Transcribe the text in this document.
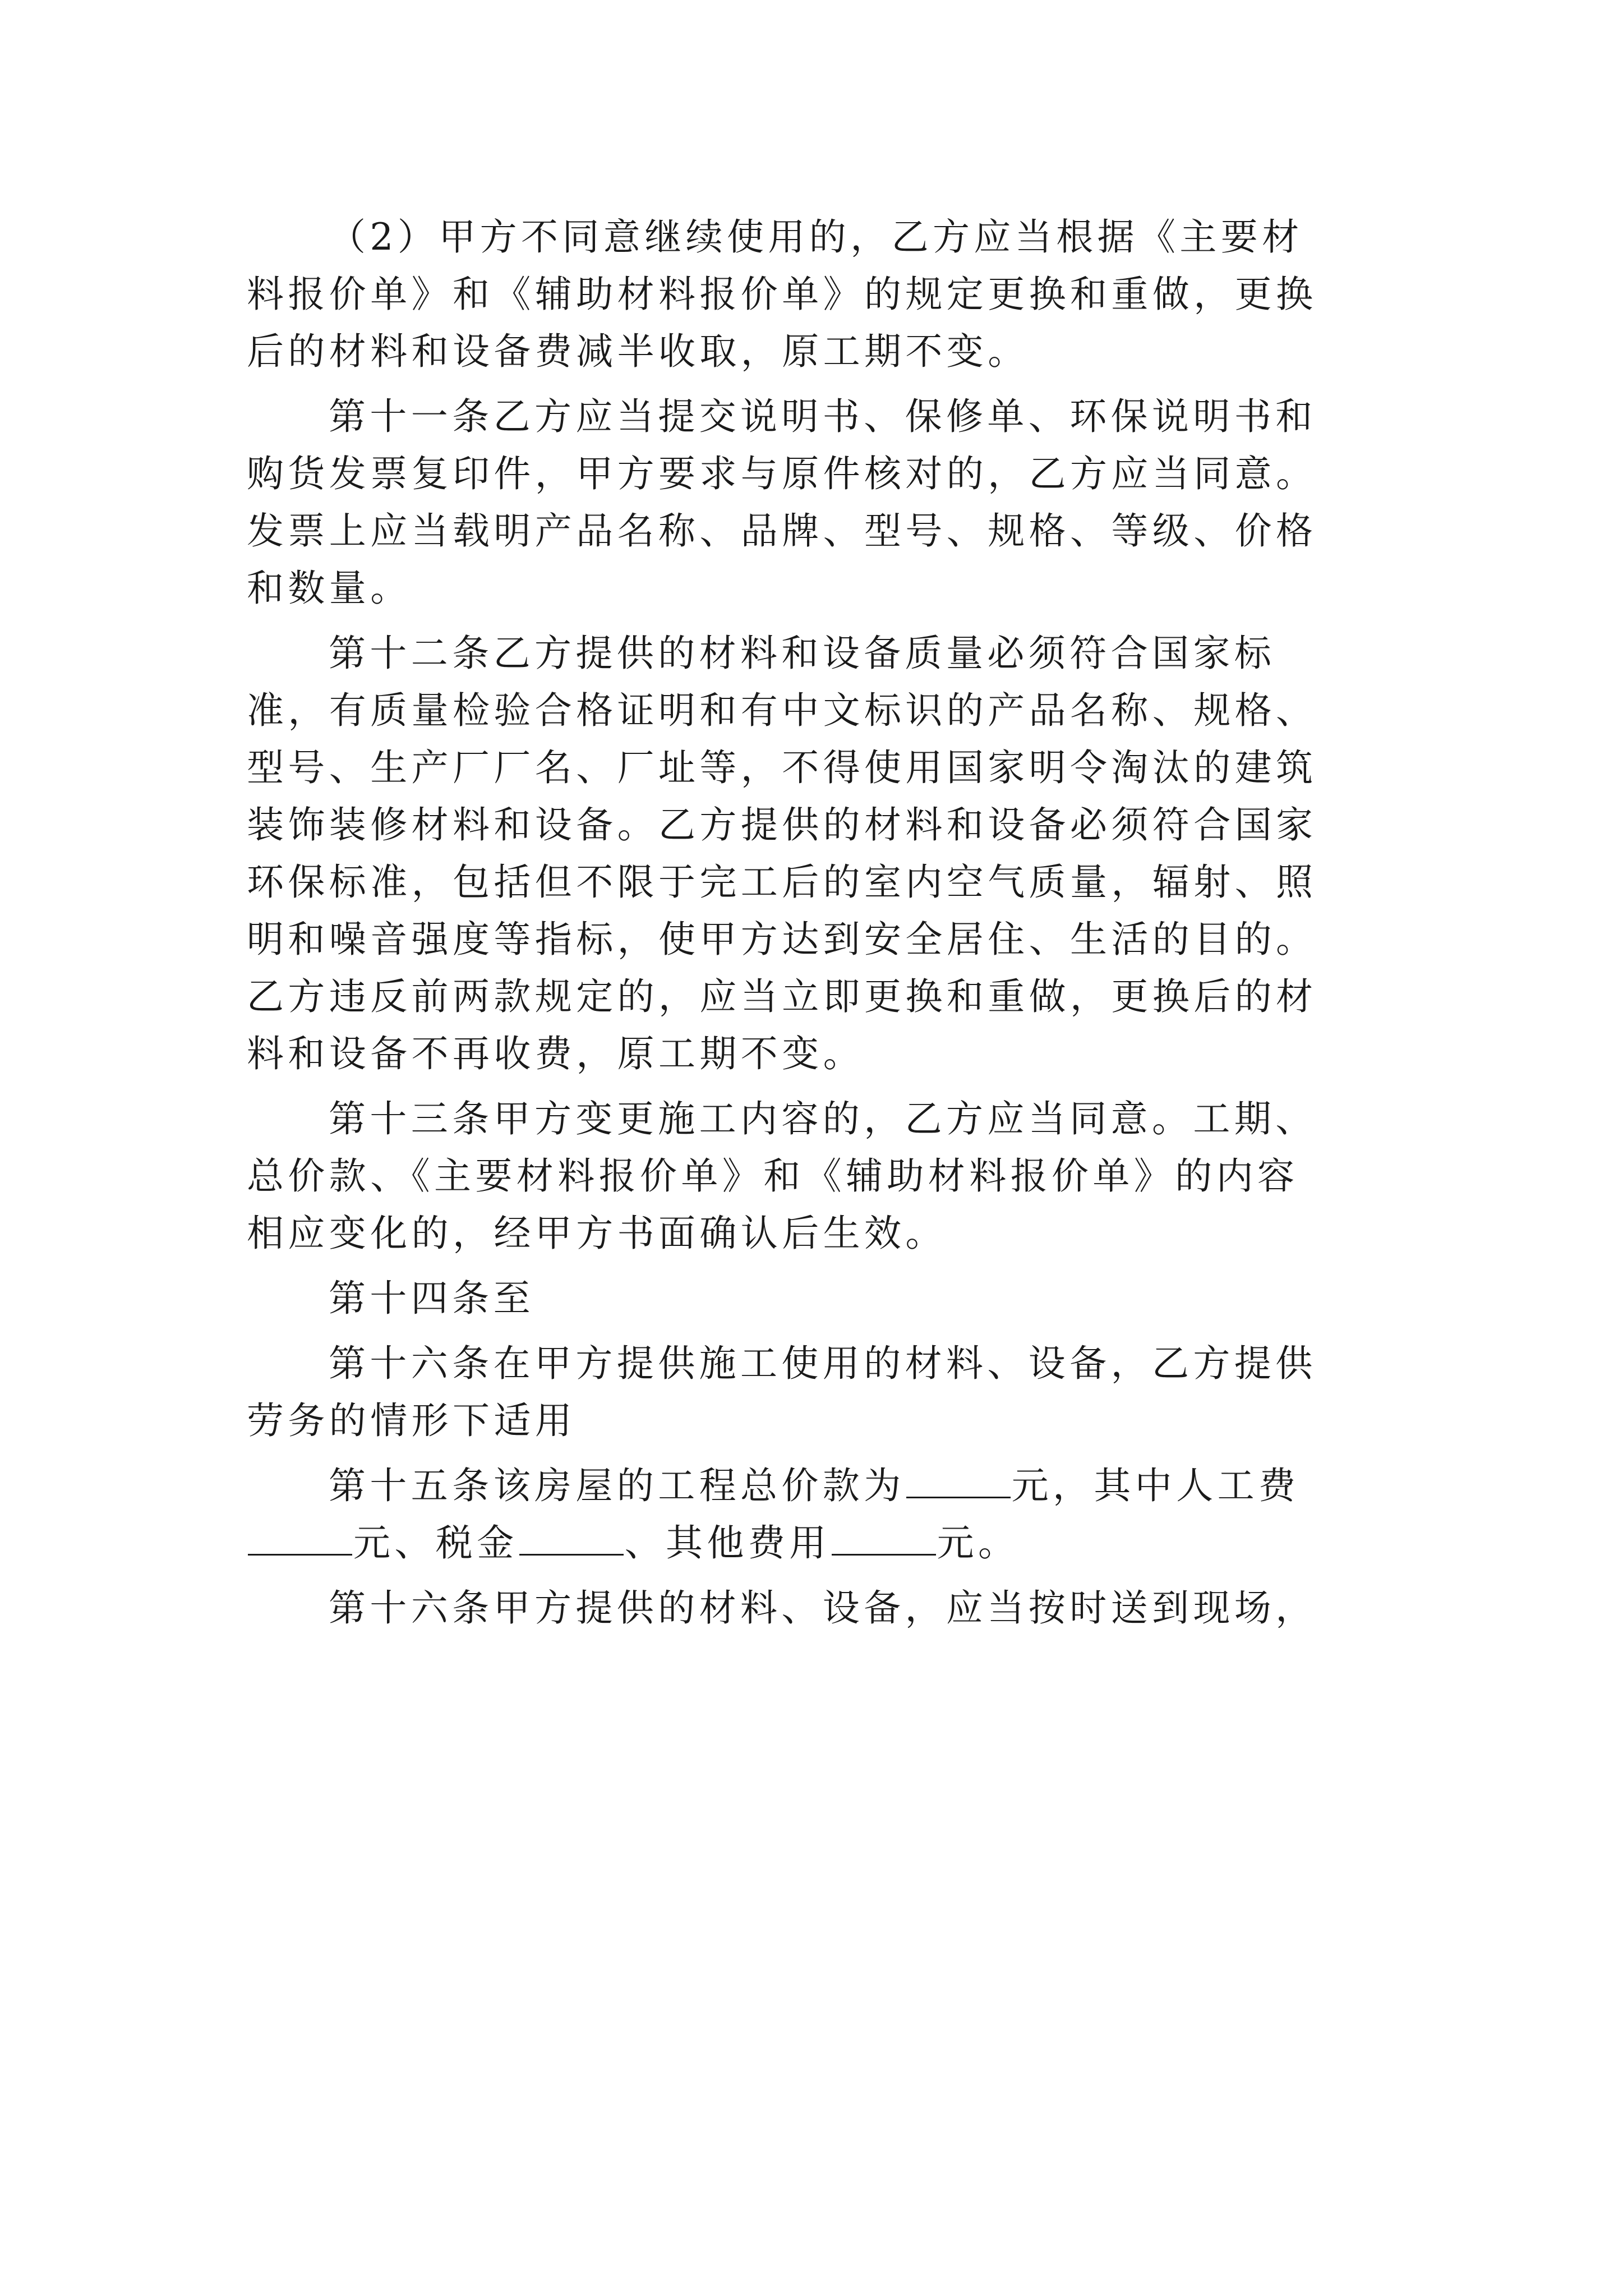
（2）甲方不同意继续使用的，乙方应当根据《主要材
料报价单》和《辅助材料报价单》的规定更换和重做，更换
后的材料和设备费减半收取，原工期不变。

第十一条乙方应当提交说明书、保修单、环保说明书和
购货发票复印件，甲方要求与原件核对的，乙方应当同意。
发票上应当载明产品名称、品牌、型号、规格、等级、价格
和数量。

第十二条乙方提供的材料和设备质量必须符合国家标
准，有质量检验合格证明和有中文标识的产品名称、规格、
型号、生产厂厂名、厂址等，不得使用国家明令淘汰的建筑
装饰装修材料和设备。乙方提供的材料和设备必须符合国家
环保标准，包括但不限于完工后的室内空气质量，辐射、照
明和噪音强度等指标，使甲方达到安全居住、生活的目的。
乙方违反前两款规定的，应当立即更换和重做，更换后的材
料和设备不再收费，原工期不变。

第十三条甲方变更施工内容的，乙方应当同意。工期、
总价款、《主要材料报价单》和《辅助材料报价单》的内容
相应变化的，经甲方书面确认后生效。

第十四条至

第十六条在甲方提供施工使用的材料、设备，乙方提供
劳务的情形下适用

第十五条该房屋的工程总价款为	元，其中人工费
元、税金	、其他费用	元。

第十六条甲方提供的材料、设备，应当按时送到现场，
